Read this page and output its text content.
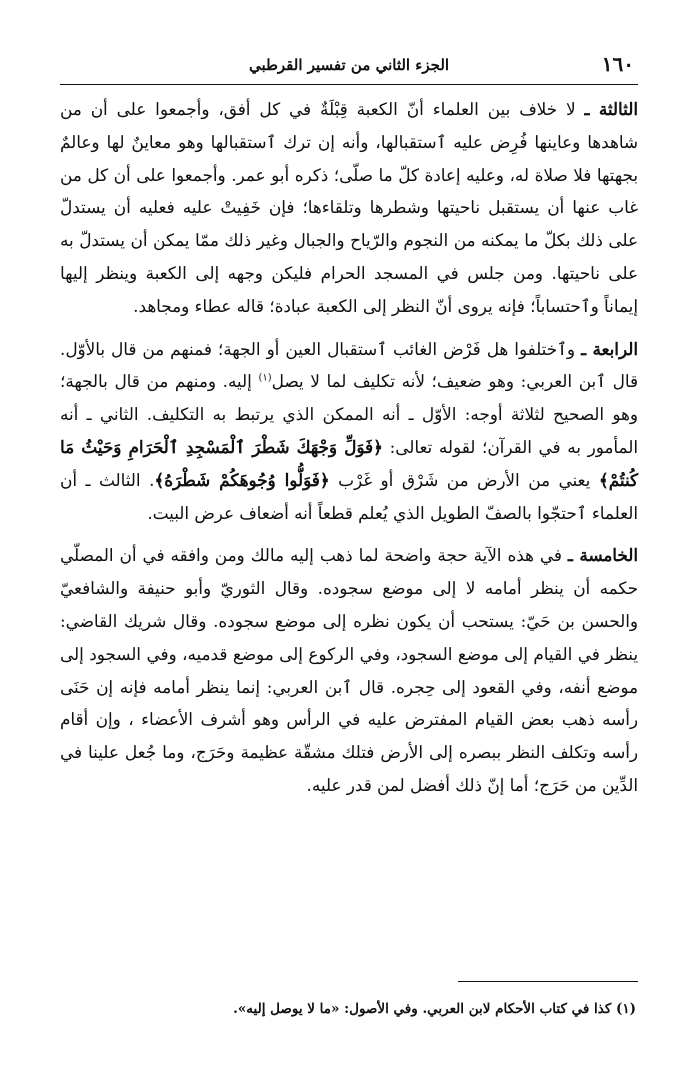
١٦٠
الجزء الثاني من تفسير القرطبي

الثالثة ـ لا خلاف بين العلماء أنّ الكعبة قِبْلَةٌ في كل أفق، وأجمعوا على أن من شاهدها وعاينها فُرِض عليه ٱستقبالها، وأنه إن ترك ٱستقبالها وهو معاينٌ لها وعالمٌ بجهتها فلا صلاة له، وعليه إعادة كلّ ما صلّى؛ ذكره أبو عمر. وأجمعوا على أن كل من غاب عنها أن يستقبل ناحيتها وشطرها وتلقاءها؛ فإن خَفِيتْ عليه فعليه أن يستدلّ على ذلك بكلّ ما يمكنه من النجوم والرّياح والجبال وغير ذلك ممّا يمكن أن يستدلّ به على ناحيتها. ومن جلس في المسجد الحرام فليكن وجهه إلى الكعبة وينظر إليها إيماناً وٱحتساباً؛ فإنه يروى أنّ النظر إلى الكعبة عبادة؛ قاله عطاء ومجاهد.

الرابعة ـ وٱختلفوا هل فَرْض الغائب ٱستقبال العين أو الجهة؛ فمنهم من قال بالأوّل. قال ٱبن العربي: وهو ضعيف؛ لأنه تكليف لما لا يصل$^{(١)}$ إليه. ومنهم من قال بالجهة؛ وهو الصحيح لثلاثة أوجه: الأوّل ـ أنه الممكن الذي يرتبط به التكليف. الثاني ـ أنه المأمور به في القرآن؛ لقوله تعالى: ﴿فَوَلِّ وَجْهَكَ شَطْرَ ٱلْمَسْجِدِ ٱلْحَرَامِ وَحَيْثُ مَا كُنتُمْ﴾ يعني من الأرض من شَرْق أو غَرْب ﴿فَوَلُّوا وُجُوهَكُمْ شَطْرَهُ﴾. الثالث ـ أن العلماء ٱحتجّوا بالصفّ الطويل الذي يُعلم قطعاً أنه أضعاف عرض البيت.

الخامسة ـ في هذه الآية حجة واضحة لما ذهب إليه مالك ومن وافقه في أن المصلّي حكمه أن ينظر أمامه لا إلى موضع سجوده. وقال الثوريّ وأبو حنيفة والشافعيّ والحسن بن حَيّ: يستحب أن يكون نظره إلى موضع سجوده. وقال شريك القاضي: ينظر في القيام إلى موضع السجود، وفي الركوع إلى موضع قدميه، وفي السجود إلى موضع أنفه، وفي القعود إلى حِجره. قال ٱبن العربي: إنما ينظر أمامه فإنه إن حَنَى رأسه ذهب بعض القيام المفترض عليه في الرأس وهو أشرف الأعضاء ، وإن أقام رأسه وتكلف النظر ببصره إلى الأرض فتلك مشقّة عظيمة وحَرَج، وما جُعل علينا في الدِّين من حَرَج؛ أما إنّ ذلك أفضل لمن قدر عليه.

(١) كذا في كتاب الأحكام لابن العربي. وفي الأصول: «ما لا يوصل إليه».
